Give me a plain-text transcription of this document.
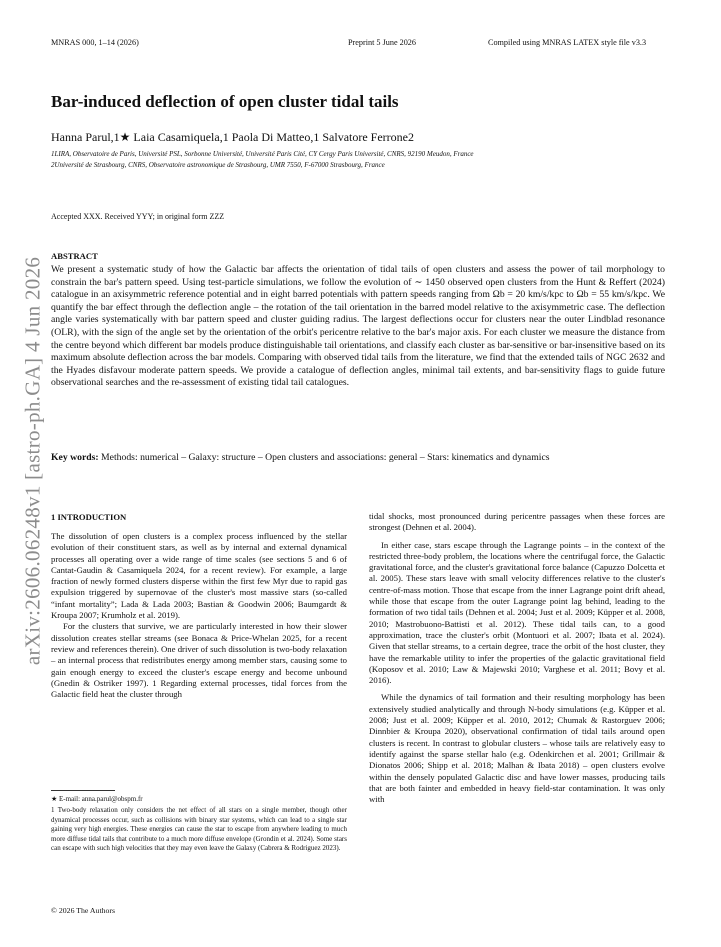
MNRAS 000, 1–14 (2026)	Preprint 5 June 2026	Compiled using MNRAS LATEX style file v3.3
Bar-induced deflection of open cluster tidal tails
Hanna Parul,1★ Laia Casamiquela,1 Paola Di Matteo,1 Salvatore Ferrone2
1LIRA, Observatoire de Paris, Université PSL, Sorbonne Université, Université Paris Cité, CY Cergy Paris Université, CNRS, 92190 Meudon, France
2Université de Strasbourg, CNRS, Observatoire astronomique de Strasbourg, UMR 7550, F-67000 Strasbourg, France
Accepted XXX. Received YYY; in original form ZZZ
arXiv:2606.06248v1 [astro-ph.GA] 4 Jun 2026
ABSTRACT
We present a systematic study of how the Galactic bar affects the orientation of tidal tails of open clusters and assess the power of tail morphology to constrain the bar's pattern speed. Using test-particle simulations, we follow the evolution of ∼ 1450 observed open clusters from the Hunt & Reffert (2024) catalogue in an axisymmetric reference potential and in eight barred potentials with pattern speeds ranging from Ωb = 20 km/s/kpc to Ωb = 55 km/s/kpc. We quantify the bar effect through the deflection angle – the rotation of the tail orientation in the barred model relative to the axisymmetric case. The deflection angle varies systematically with bar pattern speed and cluster guiding radius. The largest deflections occur for clusters near the outer Lindblad resonance (OLR), with the sign of the angle set by the orientation of the orbit's pericentre relative to the bar's major axis. For each cluster we measure the distance from the centre beyond which different bar models produce distinguishable tail orientations, and classify each cluster as bar-sensitive or bar-insensitive based on its maximum absolute deflection across the bar models. Comparing with observed tidal tails from the literature, we find that the extended tails of NGC 2632 and the Hyades disfavour moderate pattern speeds. We provide a catalogue of deflection angles, minimal tail extents, and bar-sensitivity flags to guide future observational searches and the re-assessment of existing tidal tail catalogues.
Key words: Methods: numerical – Galaxy: structure – Open clusters and associations: general – Stars: kinematics and dynamics
1 INTRODUCTION

The dissolution of open clusters is a complex process influenced by the stellar evolution of their constituent stars, as well as by internal and external dynamical processes all operating over a wide range of time scales (see sections 5 and 6 of Cantat-Gaudin & Casamiquela 2024, for a recent review). For example, a large fraction of newly formed clusters disperse within the first few Myr due to rapid gas expulsion triggered by supernovae of the cluster's most massive stars (so-called “infant mortality”; Lada & Lada 2003; Bastian & Goodwin 2006; Baumgardt & Kroupa 2007; Krumholz et al. 2019).

For the clusters that survive, we are particularly interested in how their slower dissolution creates stellar streams (see Bonaca & Price-Whelan 2025, for a recent review and references therein). One driver of such dissolution is two-body relaxation – an internal process that redistributes energy among member stars, causing some to gain enough energy to exceed the cluster's escape energy and become unbound (Gnedin & Ostriker 1997). 1 Regarding external processes, tidal forces from the Galactic field heat the cluster through

★ E-mail: anna.parul@obspm.fr
1 Two-body relaxation only considers the net effect of all stars on a single member, though other dynamical processes occur, such as collisions with binary star systems, which can lead to a single star gaining very high energies. These energies can cause the star to escape from anywhere leading to much more diffuse tidal tails that contribute to a much more diffuse envelope (Grondin et al. 2024). Some stars can escape with such high velocities that they may even leave the Galaxy (Cabrera & Rodriguez 2023).
© 2026 The Authors

tidal shocks, most pronounced during pericentre passages when these forces are strongest (Dehnen et al. 2004).

In either case, stars escape through the Lagrange points – in the context of the restricted three-body problem, the locations where the centrifugal force, the Galactic gravitational force, and the cluster's gravitational force balance (Capuzzo Dolcetta et al. 2005). These stars leave with small velocity differences relative to the cluster's centre-of-mass motion. Those that escape from the inner Lagrange point drift ahead, while those that escape from the outer Lagrange point lag behind, leading to the formation of two tidal tails (Dehnen et al. 2004; Just et al. 2009; Küpper et al. 2008, 2010; Mastrobuono-Battisti et al. 2012). These tidal tails can, to a good approximation, trace the cluster's orbit (Montuori et al. 2007; Ibata et al. 2024). Given that stellar streams, to a certain degree, trace the orbit of the host cluster, they have the remarkable utility to infer the properties of the galactic gravitational field (Koposov et al. 2010; Law & Majewski 2010; Varghese et al. 2011; Bovy et al. 2016).

While the dynamics of tail formation and their resulting morphology has been extensively studied analytically and through N-body simulations (e.g. Küpper et al. 2008; Just et al. 2009; Küpper et al. 2010, 2012; Chumak & Rastorguev 2006; Dinnbier & Kroupa 2020), observational confirmation of tidal tails around open clusters is recent. In contrast to globular clusters – whose tails are relatively easy to identify against the sparse stellar halo (e.g. Odenkirchen et al. 2001; Grillmair & Dionatos 2006; Shipp et al. 2018; Malhan & Ibata 2018) – open clusters evolve within the densely populated Galactic disc and have lower masses, producing tails that are both fainter and embedded in heavy field-star contamination. It was only with
